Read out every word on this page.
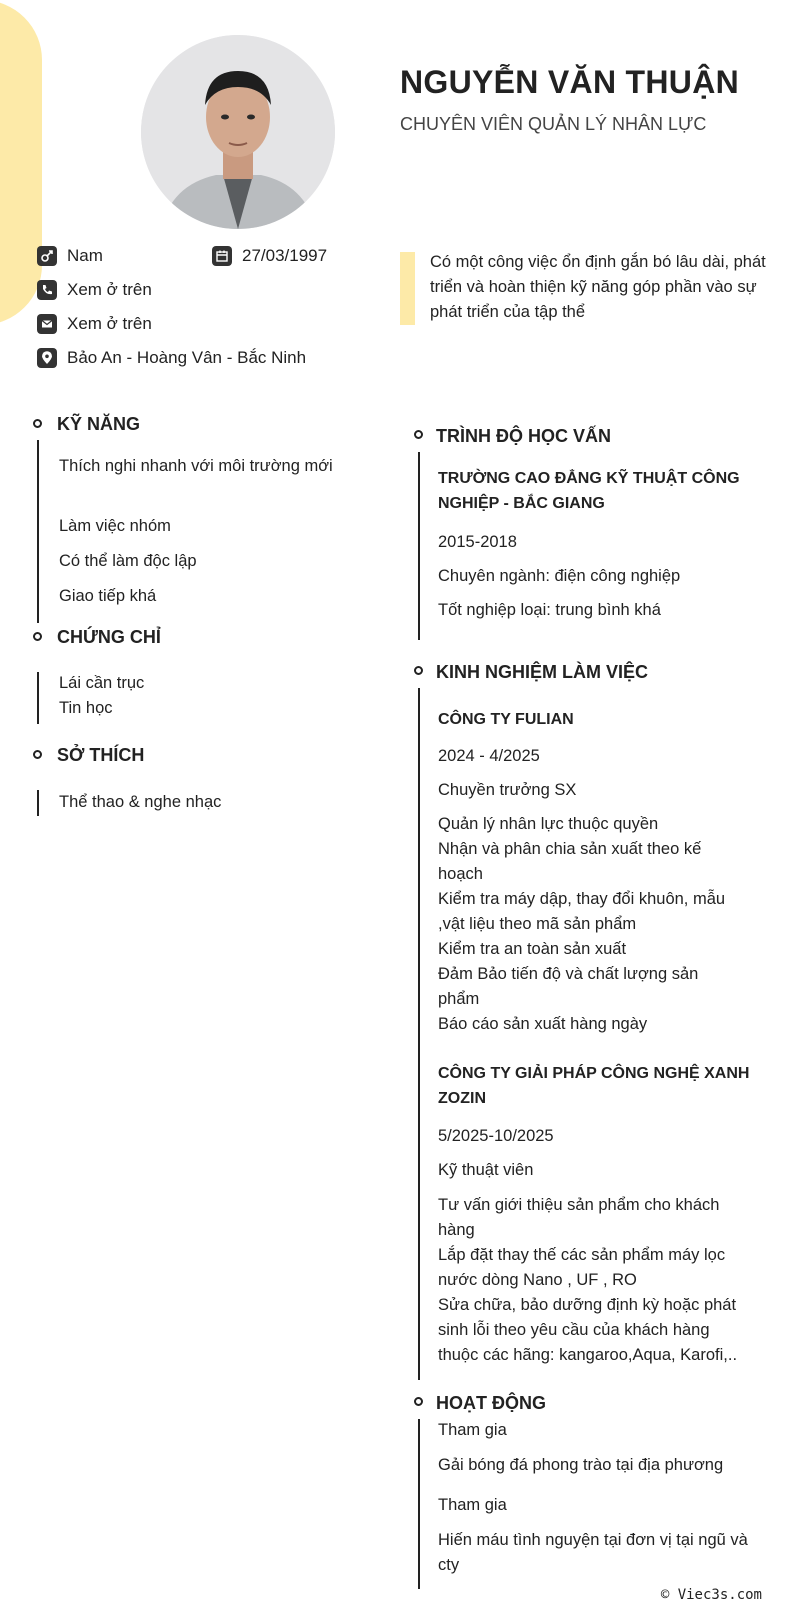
NGUYỄN VĂN THUẬN
CHUYÊN VIÊN QUẢN LÝ NHÂN LỰC
Nam	27/03/1997
Xem ở trên
Xem ở trên
Bảo An - Hoàng Vân - Bắc Ninh
Có một công việc ổn định gắn bó lâu dài, phát triển và hoàn thiện kỹ năng góp phần vào sự phát triển của tập thể
KỸ NĂNG
Thích nghi nhanh với môi trường mới
Làm việc nhóm
Có thể làm độc lập
Giao tiếp khá
CHỨNG CHỈ
Lái cần trục
Tin học
SỞ THÍCH
Thể thao & nghe nhạc
TRÌNH ĐỘ HỌC VẤN
TRƯỜNG CAO ĐẲNG KỸ THUẬT CÔNG NGHIỆP - BẮC GIANG
2015-2018
Chuyên ngành: điện công nghiệp
Tốt nghiệp loại: trung bình khá
KINH NGHIỆM LÀM VIỆC
CÔNG TY FULIAN
2024 - 4/2025
Chuyền trưởng SX
Quản lý nhân lực thuộc quyền
Nhận và phân chia sản xuất theo kế hoạch
Kiểm tra máy dập, thay đổi khuôn, mẫu ,vật liệu theo mã sản phẩm
Kiểm tra an toàn sản xuất
Đảm Bảo tiến độ và chất lượng sản phẩm
Báo cáo sản xuất hàng ngày
CÔNG TY GIẢI PHÁP CÔNG NGHỆ XANH ZOZIN
5/2025-10/2025
Kỹ thuật viên
Tư vấn giới thiệu sản phẩm cho khách hàng
Lắp đặt thay thế các sản phẩm máy lọc nước dòng Nano , UF , RO
Sửa chữa, bảo dưỡng định kỳ hoặc phát sinh lỗi theo yêu cầu của khách hàng thuộc các hãng: kangaroo,Aqua, Karofi,..
HOẠT ĐỘNG
Tham gia
Gải bóng đá phong trào tại địa phương
Tham gia
Hiến máu tình nguyện tại đơn vị tại ngũ và cty
© Viec3s.com
